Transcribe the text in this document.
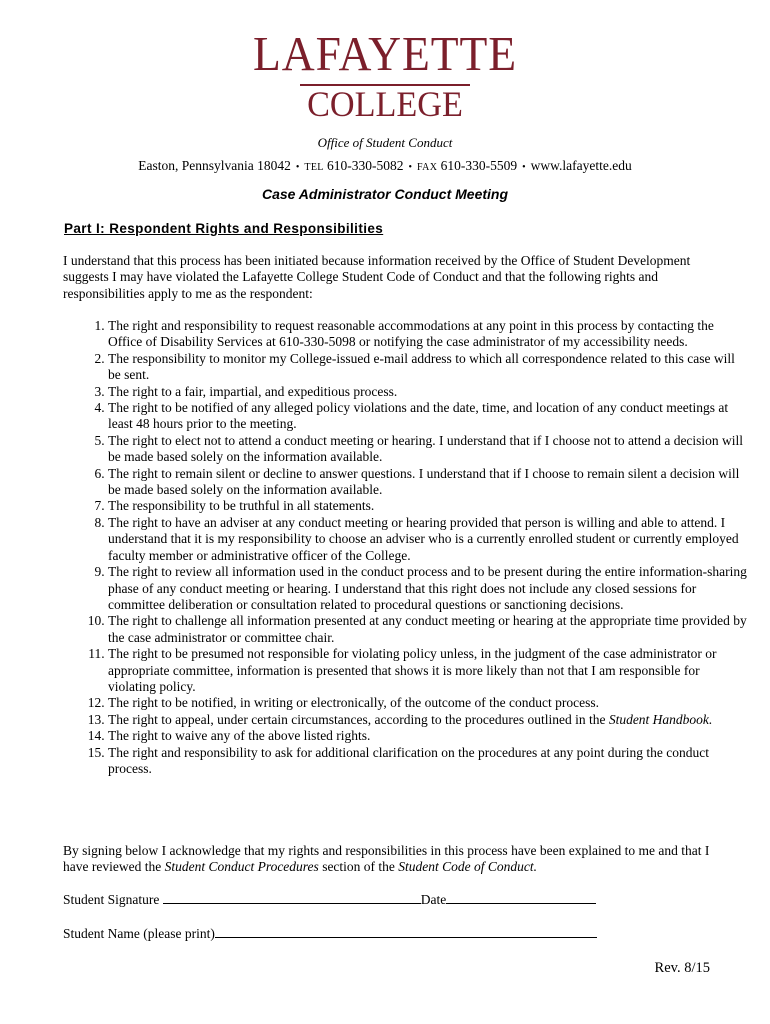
LAFAYETTE
COLLEGE
Office of Student Conduct
Easton, Pennsylvania 18042 • TEL 610-330-5082 • FAX 610-330-5509 • www.lafayette.edu
Case Administrator Conduct Meeting
Part I: Respondent Rights and Responsibilities
I understand that this process has been initiated because information received by the Office of Student Development suggests I may have violated the Lafayette College Student Code of Conduct and that the following rights and responsibilities apply to me as the respondent:
1. The right and responsibility to request reasonable accommodations at any point in this process by contacting the Office of Disability Services at 610-330-5098 or notifying the case administrator of my accessibility needs.
2. The responsibility to monitor my College-issued e-mail address to which all correspondence related to this case will be sent.
3. The right to a fair, impartial, and expeditious process.
4. The right to be notified of any alleged policy violations and the date, time, and location of any conduct meetings at least 48 hours prior to the meeting.
5. The right to elect not to attend a conduct meeting or hearing. I understand that if I choose not to attend a decision will be made based solely on the information available.
6. The right to remain silent or decline to answer questions. I understand that if I choose to remain silent a decision will be made based solely on the information available.
7. The responsibility to be truthful in all statements.
8. The right to have an adviser at any conduct meeting or hearing provided that person is willing and able to attend. I understand that it is my responsibility to choose an adviser who is a currently enrolled student or currently employed faculty member or administrative officer of the College.
9. The right to review all information used in the conduct process and to be present during the entire information-sharing phase of any conduct meeting or hearing. I understand that this right does not include any closed sessions for committee deliberation or consultation related to procedural questions or sanctioning decisions.
10. The right to challenge all information presented at any conduct meeting or hearing at the appropriate time provided by the case administrator or committee chair.
11. The right to be presumed not responsible for violating policy unless, in the judgment of the case administrator or appropriate committee, information is presented that shows it is more likely than not that I am responsible for violating policy.
12. The right to be notified, in writing or electronically, of the outcome of the conduct process.
13. The right to appeal, under certain circumstances, according to the procedures outlined in the Student Handbook.
14. The right to waive any of the above listed rights.
15. The right and responsibility to ask for additional clarification on the procedures at any point during the conduct process.
By signing below I acknowledge that my rights and responsibilities in this process have been explained to me and that I have reviewed the Student Conduct Procedures section of the Student Code of Conduct.
Student Signature	Date
Student Name (please print)
Rev. 8/15
